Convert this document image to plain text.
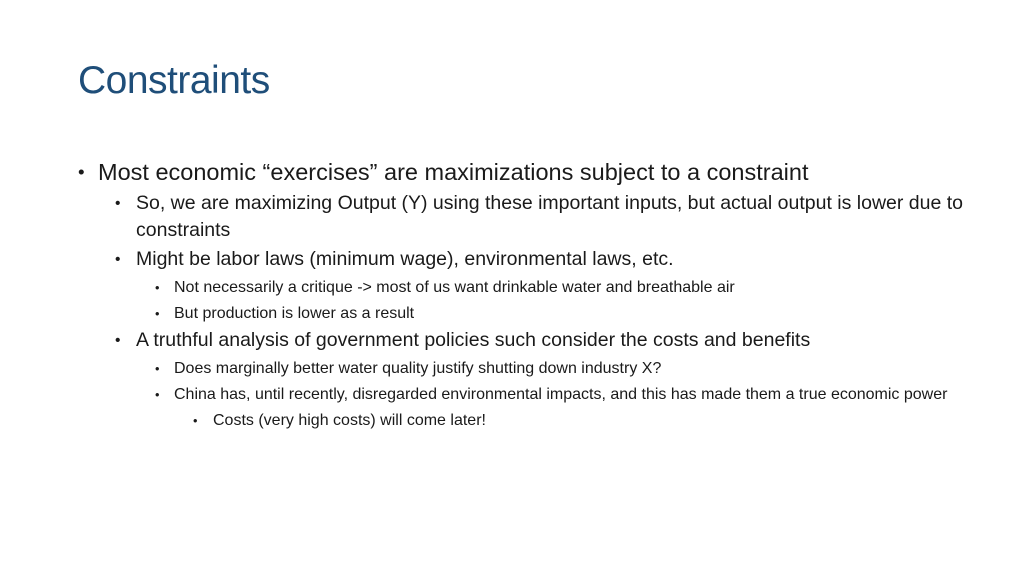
Constraints
• Most economic “exercises” are maximizations subject to a constraint
• So, we are maximizing Output (Y) using these important inputs, but actual output is lower due to constraints
• Might be labor laws (minimum wage), environmental laws, etc.
• Not necessarily a critique -> most of us want drinkable water and breathable air
• But production is lower as a result
• A truthful analysis of government policies such consider the costs and benefits
• Does marginally better water quality justify shutting down industry X?
• China has, until recently, disregarded environmental impacts, and this has made them a true economic power
• Costs (very high costs) will come later!
